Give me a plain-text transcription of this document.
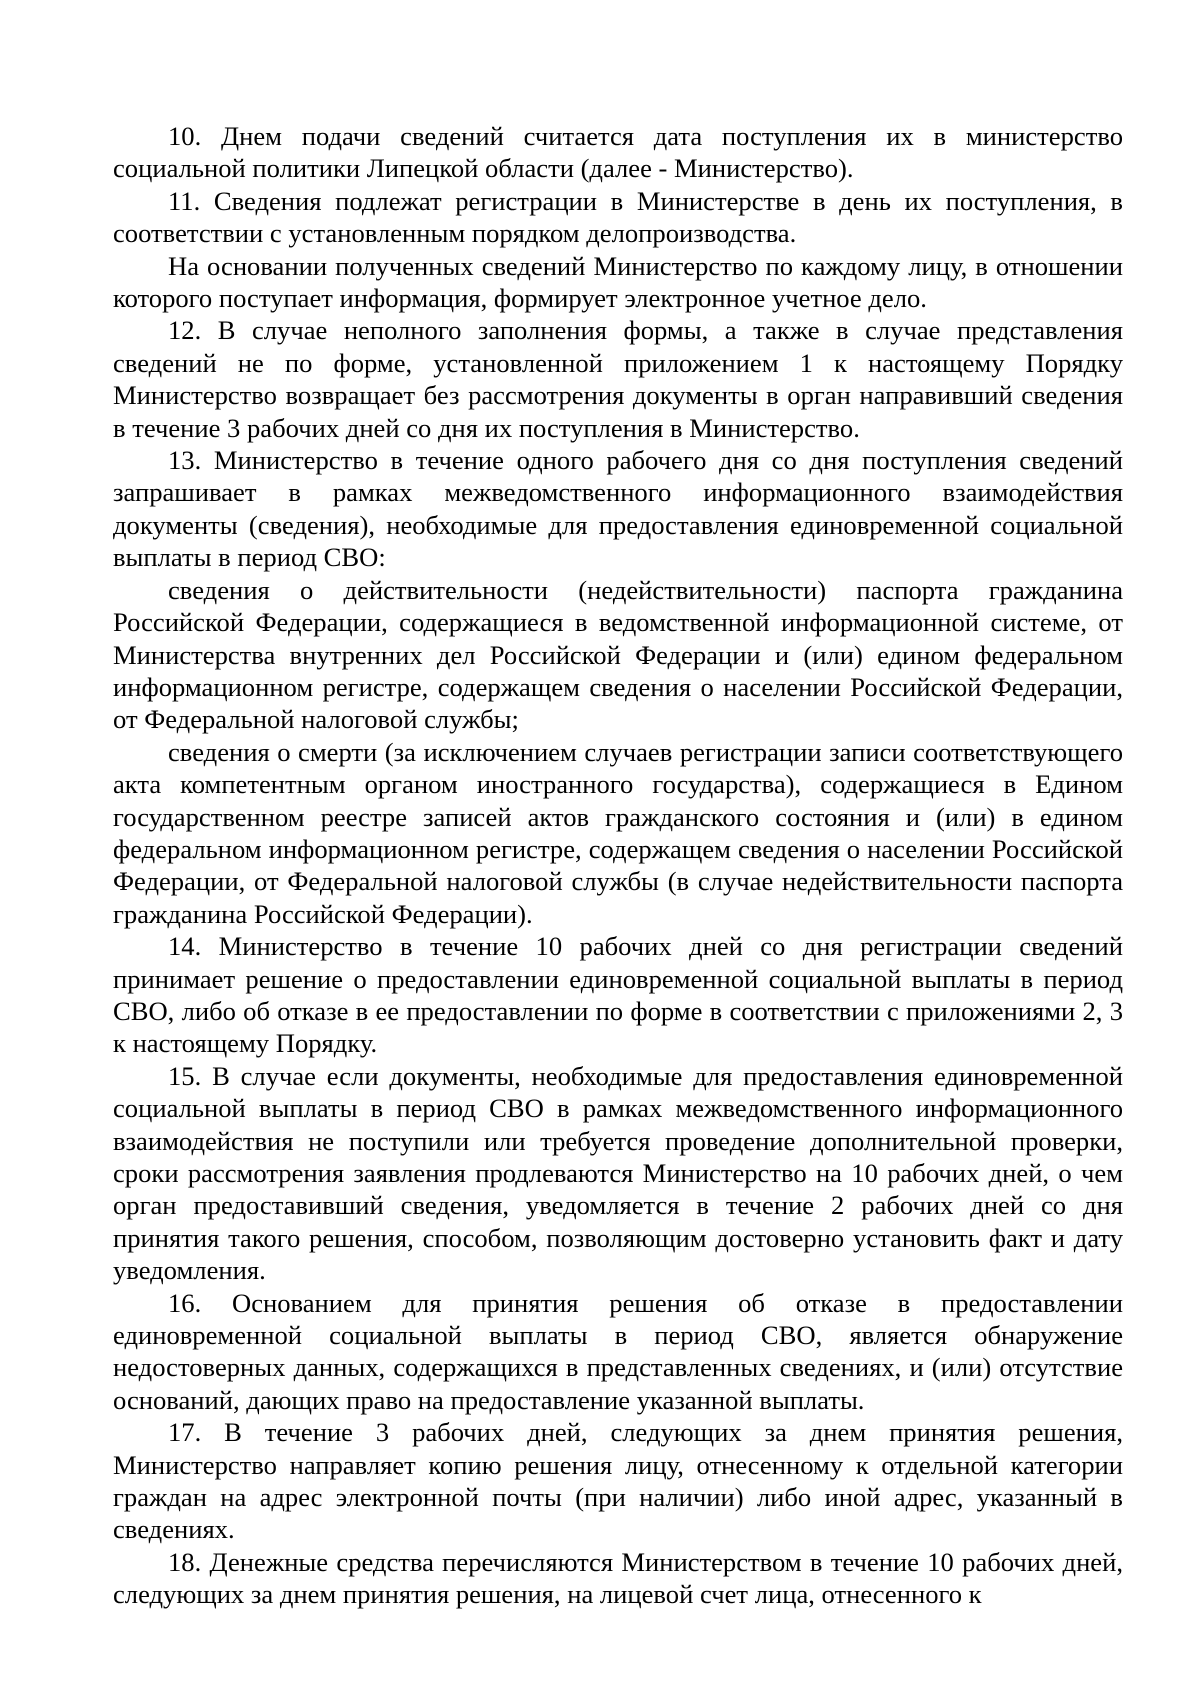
10. Днем подачи сведений считается дата поступления их в министерство социальной политики Липецкой области (далее - Министерство).

11. Сведения подлежат регистрации в Министерстве в день их поступления, в соответствии с установленным порядком делопроизводства.

На основании полученных сведений Министерство по каждому лицу, в отношении которого поступает информация, формирует электронное учетное дело.

12. В случае неполного заполнения формы, а также в случае представления сведений не по форме, установленной приложением 1 к настоящему Порядку Министерство возвращает без рассмотрения документы в орган направивший сведения в течение 3 рабочих дней со дня их поступления в Министерство.

13. Министерство в течение одного рабочего дня со дня поступления сведений запрашивает в рамках межведомственного информационного взаимодействия документы (сведения), необходимые для предоставления единовременной социальной выплаты в период СВО:

сведения о действительности (недействительности) паспорта гражданина Российской Федерации, содержащиеся в ведомственной информационной системе, от Министерства внутренних дел Российской Федерации и (или) едином федеральном информационном регистре, содержащем сведения о населении Российской Федерации, от Федеральной налоговой службы;

сведения о смерти (за исключением случаев регистрации записи соответствующего акта компетентным органом иностранного государства), содержащиеся в Едином государственном реестре записей актов гражданского состояния и (или) в едином федеральном информационном регистре, содержащем сведения о населении Российской Федерации, от Федеральной налоговой службы (в случае недействительности паспорта гражданина Российской Федерации).

14. Министерство в течение 10 рабочих дней со дня регистрации сведений принимает решение о предоставлении единовременной социальной выплаты в период СВО, либо об отказе в ее предоставлении по форме в соответствии с приложениями 2, 3 к настоящему Порядку.

15. В случае если документы, необходимые для предоставления единовременной социальной выплаты в период СВО в рамках межведомственного информационного взаимодействия не поступили или требуется проведение дополнительной проверки, сроки рассмотрения заявления продлеваются Министерство на 10 рабочих дней, о чем орган предоставивший сведения, уведомляется в течение 2 рабочих дней со дня принятия такого решения, способом, позволяющим достоверно установить факт и дату уведомления.

16. Основанием для принятия решения об отказе в предоставлении единовременной социальной выплаты в период СВО, является обнаружение недостоверных данных, содержащихся в представленных сведениях, и (или) отсутствие оснований, дающих право на предоставление указанной выплаты.

17. В течение 3 рабочих дней, следующих за днем принятия решения, Министерство направляет копию решения лицу, отнесенному к отдельной категории граждан на адрес электронной почты (при наличии) либо иной адрес, указанный в сведениях.

18. Денежные средства перечисляются Министерством в течение 10 рабочих дней, следующих за днем принятия решения, на лицевой счет лица, отнесенного к
